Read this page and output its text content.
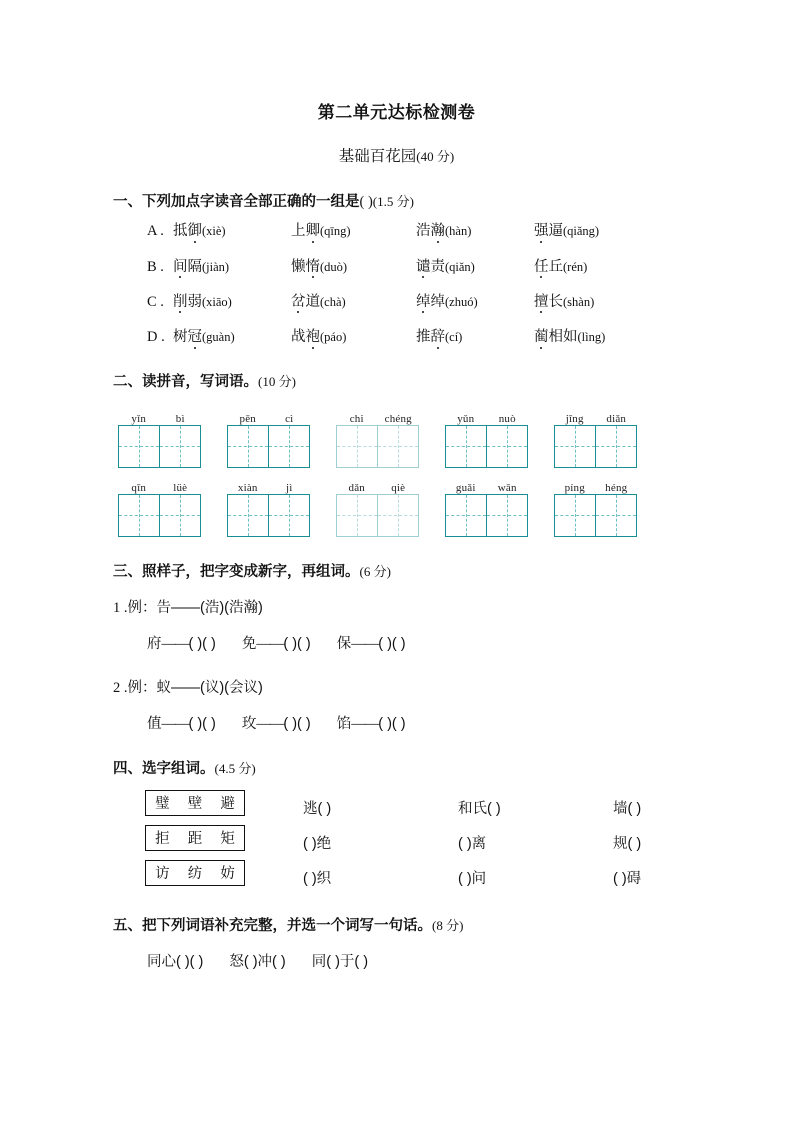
第二单元达标检测卷
基础百花园(40 分)
一、下列加点字读音全部正确的一组是( )(1.5 分)
A . 抵御(xiè)	上卿(qīng)	浩瀚(hàn)	强逼(qiǎng)
B . 间隔(jiàn)	懒惰(duò)	谴责(qiǎn)	任丘(rén)
C . 削弱(xiāo)	岔道(chà)	绰绰(zhuó)	擅长(shàn)
D . 树冠(guàn)	战袍(páo)	推辞(cí)	蔺相如(lìng)
二、读拼音，写词语。(10 分)
yǐn	bì	pēn	cì	chi	chéng	yǔn	nuò	jīng	diǎn
qīn	lüè	xiàn	jì	dǎn	qiè	guǎi	wān	píng	héng
三、照样子，把字变成新字，再组词。(6 分)
1 .例：告——(浩)(浩瀚)
府——( )( ) 免——( )( ) 保——( )( )
2 .例：蚁——(议)(会议)
值——( )( ) 玫——( )( ) 馅——( )( )
四、选字组词。(4.5 分)
璧 壁 避
拒 距 矩
访 纺 妨
逃( )	和氏( )	墙( )
( )绝	( )离	规( )
( )织	( )问	( )碍
五、把下列词语补充完整，并选一个词写一句话。(8 分)
同心( )( ) 怒( )冲( ) 同( )于( )
